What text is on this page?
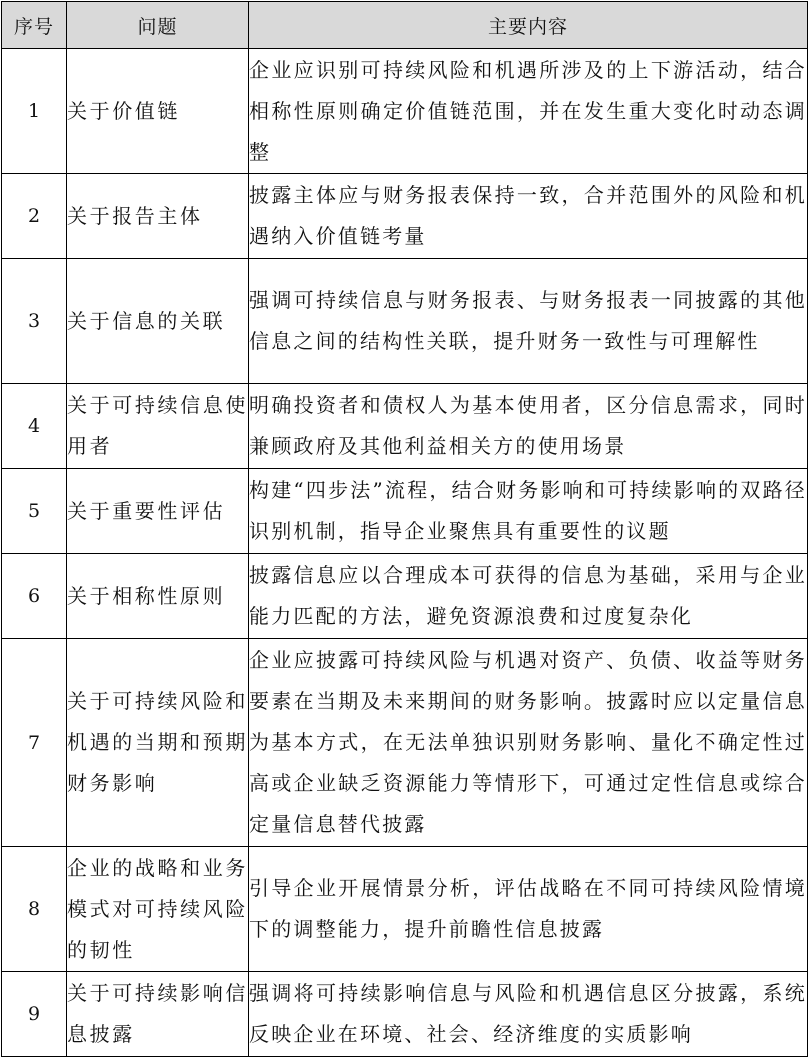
序号	问题	主要内容
1	关于价值链	企业应识别可持续风险和机遇所涉及的上下游活动，结合相称性原则确定价值链范围，并在发生重大变化时动态调整
2	关于报告主体	披露主体应与财务报表保持一致，合并范围外的风险和机遇纳入价值链考量
3	关于信息的关联	强调可持续信息与财务报表、与财务报表一同披露的其他信息之间的结构性关联，提升财务一致性与可理解性
4	关于可持续信息使用者	明确投资者和债权人为基本使用者，区分信息需求，同时兼顾政府及其他利益相关方的使用场景
5	关于重要性评估	构建“四步法”流程，结合财务影响和可持续影响的双路径识别机制，指导企业聚焦具有重要性的议题
6	关于相称性原则	披露信息应以合理成本可获得的信息为基础，采用与企业能力匹配的方法，避免资源浪费和过度复杂化
7	关于可持续风险和机遇的当期和预期财务影响	企业应披露可持续风险与机遇对资产、负债、收益等财务要素在当期及未来期间的财务影响。披露时应以定量信息为基本方式，在无法单独识别财务影响、量化不确定性过高或企业缺乏资源能力等情形下，可通过定性信息或综合定量信息替代披露
8	企业的战略和业务模式对可持续风险的韧性	引导企业开展情景分析，评估战略在不同可持续风险情境下的调整能力，提升前瞻性信息披露
9	关于可持续影响信息披露	强调将可持续影响信息与风险和机遇信息区分披露，系统反映企业在环境、社会、经济维度的实质影响
